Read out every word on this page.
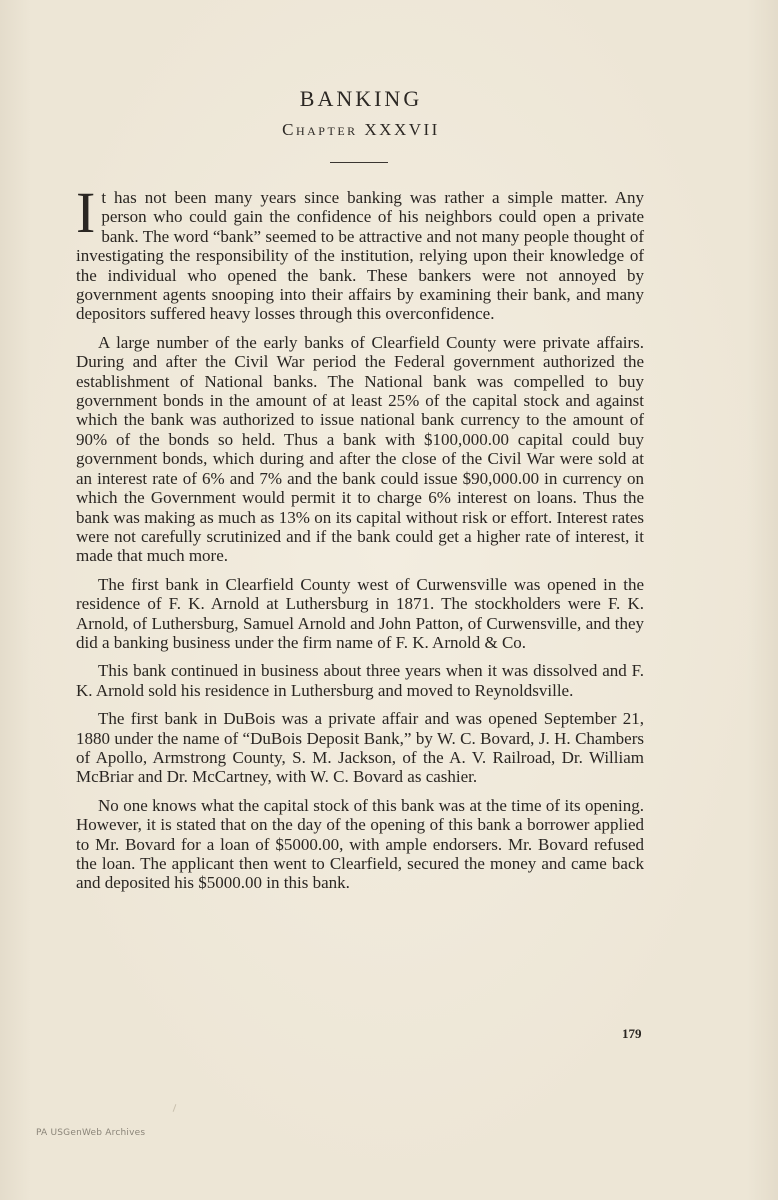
BANKING
Chapter XXXVII

It has not been many years since banking was rather a simple matter. Any person who could gain the confidence of his neighbors could open a private bank. The word “bank” seemed to be attractive and not many people thought of investigating the responsibility of the institution, relying upon their knowledge of the individual who opened the bank. These bankers were not annoyed by government agents snooping into their affairs by examining their bank, and many depositors suffered heavy losses through this overconfidence.

A large number of the early banks of Clearfield County were private affairs. During and after the Civil War period the Federal government authorized the establishment of National banks. The National bank was compelled to buy government bonds in the amount of at least 25% of the capital stock and against which the bank was authorized to issue national bank currency to the amount of 90% of the bonds so held. Thus a bank with $100,000.00 capital could buy government bonds, which during and after the close of the Civil War were sold at an interest rate of 6% and 7% and the bank could issue $90,000.00 in currency on which the Government would permit it to charge 6% interest on loans. Thus the bank was making as much as 13% on its capital without risk or effort. Interest rates were not carefully scrutinized and if the bank could get a higher rate of interest, it made that much more.

The first bank in Clearfield County west of Curwensville was opened in the residence of F. K. Arnold at Luthersburg in 1871. The stockholders were F. K. Arnold, of Luthersburg, Samuel Arnold and John Patton, of Curwensville, and they did a banking business under the firm name of F. K. Arnold & Co.

This bank continued in business about three years when it was dissolved and F. K. Arnold sold his residence in Luthersburg and moved to Reynoldsville.

The first bank in DuBois was a private affair and was opened September 21, 1880 under the name of “DuBois Deposit Bank,” by W. C. Bovard, J. H. Chambers of Apollo, Armstrong County, S. M. Jackson, of the A. V. Railroad, Dr. William McBriar and Dr. McCartney, with W. C. Bovard as cashier.

No one knows what the capital stock of this bank was at the time of its opening. However, it is stated that on the day of the opening of this bank a borrower applied to Mr. Bovard for a loan of $5000.00, with ample endorsers. Mr. Bovard refused the loan. The applicant then went to Clearfield, secured the money and came back and deposited his $5000.00 in this bank.

179
PA USGenWeb Archives
